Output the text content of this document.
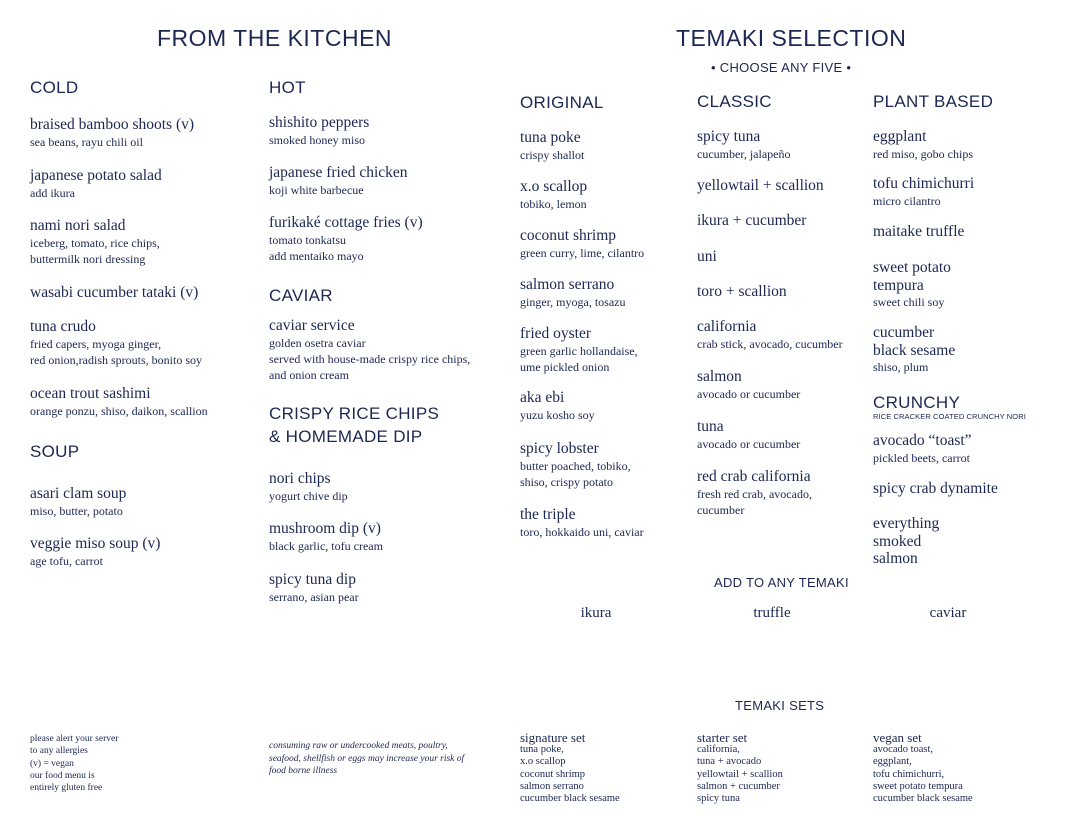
FROM THE KITCHEN
COLD
braised bamboo shoots (v)
sea beans, rayu chili oil
japanese potato salad
add ikura
nami nori salad
iceberg, tomato, rice chips,
buttermilk nori dressing
wasabi cucumber tataki (v)
tuna crudo
fried capers, myoga ginger,
red onion,radish sprouts, bonito soy
ocean trout sashimi
orange ponzu, shiso, daikon, scallion
SOUP
asari clam soup
miso, butter, potato
veggie miso soup (v)
age tofu, carrot
HOT
shishito peppers
smoked honey miso
japanese fried chicken
koji white barbecue
furikaké cottage fries (v)
tomato tonkatsu
add mentaiko mayo
CAVIAR
caviar service
golden osetra caviar
served with house-made crispy rice chips,
and onion cream
CRISPY RICE CHIPS
& HOMEMADE DIP
nori chips
yogurt chive dip
mushroom dip (v)
black garlic, tofu cream
spicy tuna dip
serrano, asian pear
TEMAKI SELECTION
• CHOOSE ANY FIVE •
ORIGINAL
tuna poke
crispy shallot
x.o scallop
tobiko, lemon
coconut shrimp
green curry, lime, cilantro
salmon serrano
ginger, myoga, tosazu
fried oyster
green garlic hollandaise,
ume pickled onion
aka ebi
yuzu kosho soy
spicy lobster
butter poached, tobiko,
shiso, crispy potato
the triple
toro, hokkaido uni, caviar
CLASSIC
spicy tuna
cucumber, jalapeño
yellowtail + scallion
ikura + cucumber
uni
toro + scallion
california
crab stick, avocado, cucumber
salmon
avocado or cucumber
tuna
avocado or cucumber
red crab california
fresh red crab, avocado,
cucumber
PLANT BASED
eggplant
red miso, gobo chips
tofu chimichurri
micro cilantro
maitake truffle
sweet potato tempura
sweet chili soy
cucumber black sesame
shiso, plum
CRUNCHY
RICE CRACKER COATED CRUNCHY NORI
avocado “toast”
pickled beets, carrot
spicy crab dynamite
everything smoked salmon
ADD TO ANY TEMAKI
ikura	truffle	caviar
TEMAKI SETS
signature set
tuna poke,
x.o scallop
coconut shrimp
salmon serrano
cucumber black sesame
starter set
california,
tuna + avocado
yellowtail + scallion
salmon + cucumber
spicy tuna
vegan set
avocado toast,
eggplant,
tofu chimichurri,
sweet potato tempura
cucumber black sesame
please alert your server
to any allergies
(v) = vegan
our food menu is
entirely gluten free
consuming raw or undercooked meats, poultry,
seafood, shellfish or eggs may increase your risk of
food borne illness
